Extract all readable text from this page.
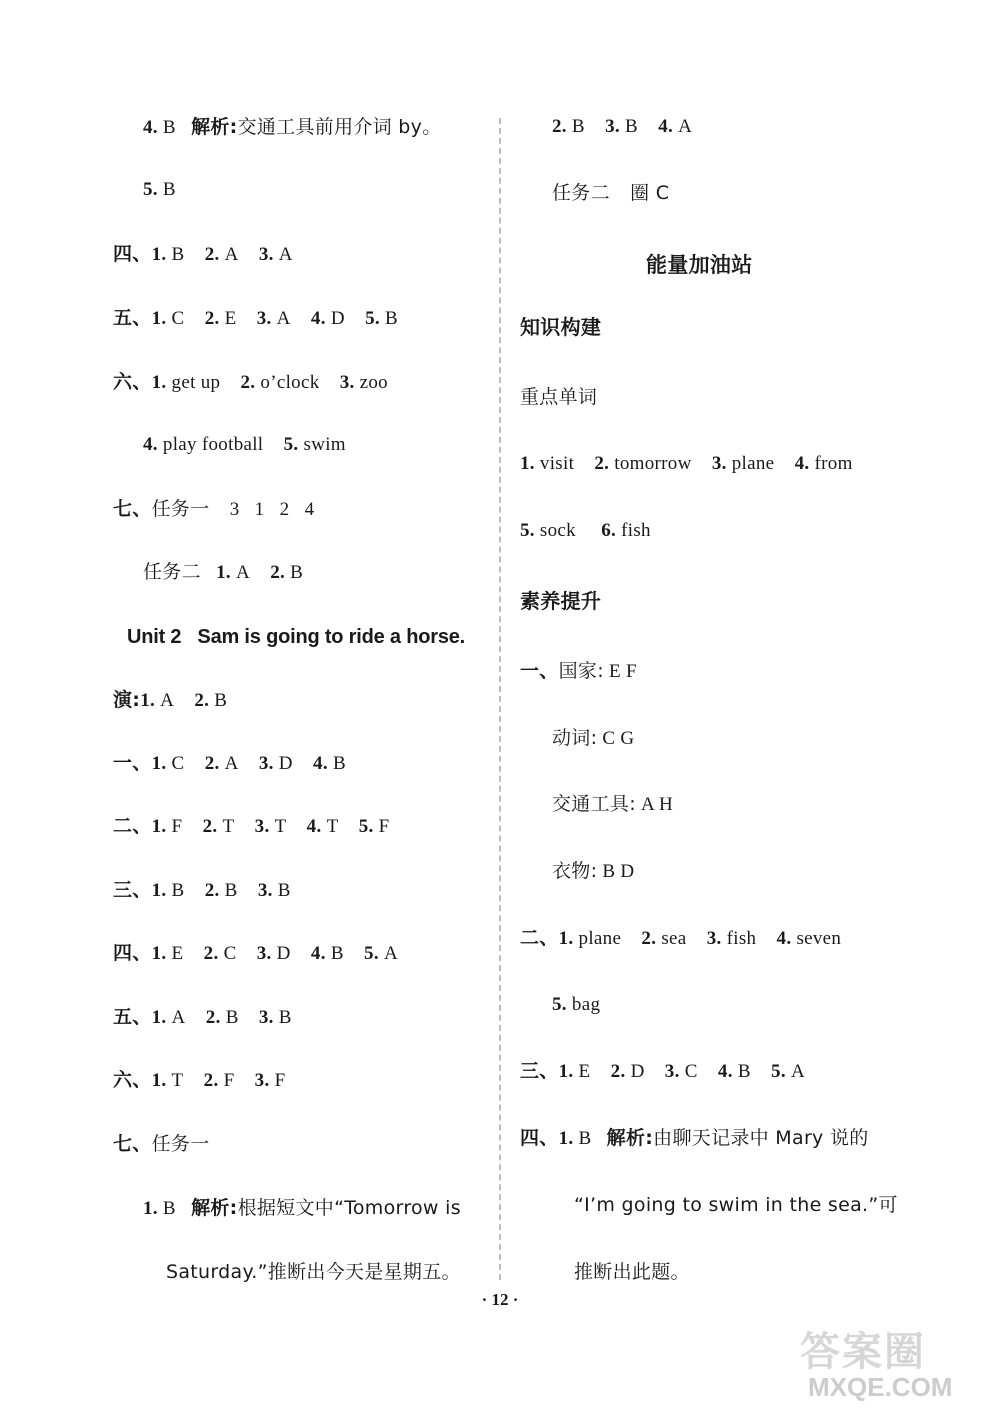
4. B 解析:交通工具前用介词 by。
5. B
四、1. B 2. A 3. A
五、1. C 2. E 3. A 4. D 5. B
六、1. get up 2. o’clock 3. zoo
4. play football 5. swim
七、任务一 3   1   2   4
任务二 1. A 2. B
Unit 2   Sam is going to ride a horse.
演:1. A 2. B
一、1. C 2. A 3. D 4. B
二、1. F 2. T 3. T 4. T 5. F
三、1. B 2. B 3. B
四、1. E 2. C 3. D 4. B 5. A
五、1. A 2. B 3. B
六、1. T 2. F 3. F
七、任务一
1. B 解析:根据短文中“Tomorrow is
Saturday.”推断出今天是星期五。
2. B 3. B 4. A
任务二 圈 C
能量加油站
知识构建
重点单词
1. visit 2. tomorrow 3. plane 4. from
5. sock 6. fish
素养提升
一、国家: E F
动词: C G
交通工具: A H
衣物: B D
二、1. plane 2. sea 3. fish 4. seven
5. bag
三、1. E 2. D 3. C 4. B 5. A
四、1. B 解析:由聊天记录中 Mary 说的
“I’m going to swim in the sea.”可
推断出此题。
· 12 ·
答案圈
MXQE.COM
